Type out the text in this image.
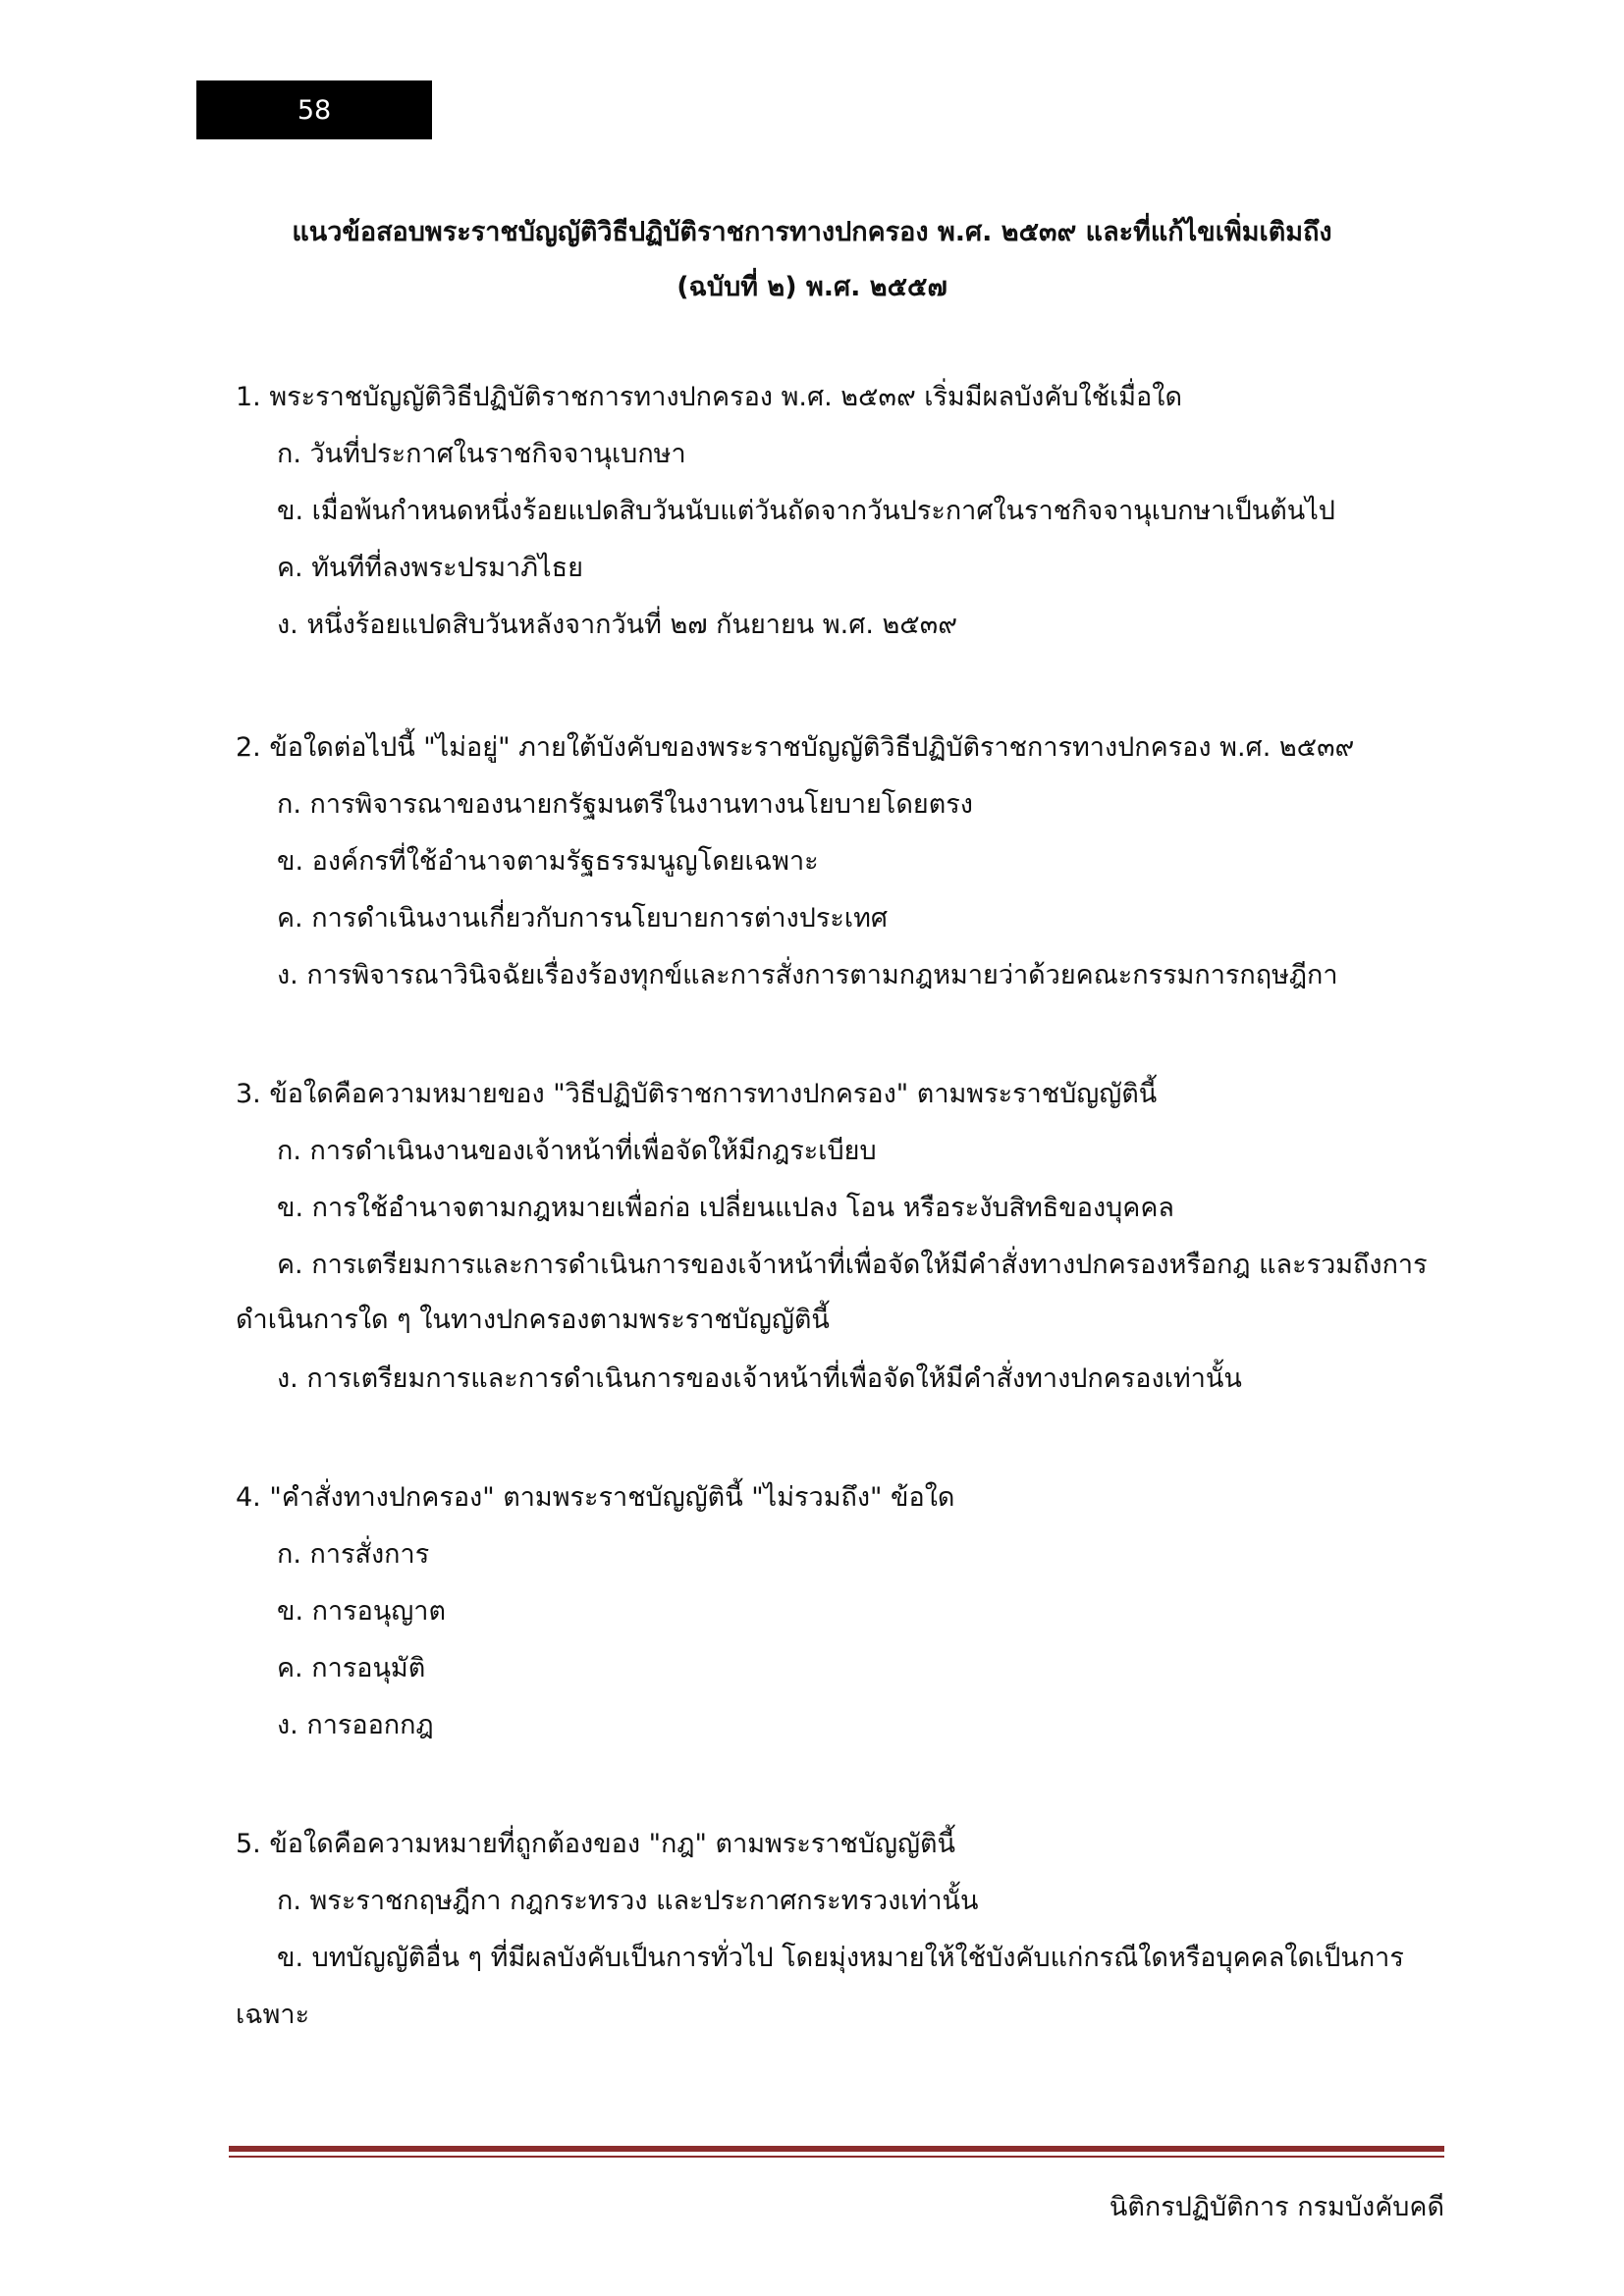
58
แนวข้อสอบพระราชบัญญัติวิธีปฏิบัติราชการทางปกครอง พ.ศ. ๒๕๓๙ และที่แก้ไขเพิ่มเติมถึง
(ฉบับที่ ๒) พ.ศ. ๒๕๕๗
1. พระราชบัญญัติวิธีปฏิบัติราชการทางปกครอง พ.ศ. ๒๕๓๙ เริ่มมีผลบังคับใช้เมื่อใด
ก. วันที่ประกาศในราชกิจจานุเบกษา
ข. เมื่อพ้นกำหนดหนึ่งร้อยแปดสิบวันนับแต่วันถัดจากวันประกาศในราชกิจจานุเบกษาเป็นต้นไป
ค. ทันทีที่ลงพระปรมาภิไธย
ง. หนึ่งร้อยแปดสิบวันหลังจากวันที่ ๒๗ กันยายน พ.ศ. ๒๕๓๙
2. ข้อใดต่อไปนี้ "ไม่อยู่" ภายใต้บังคับของพระราชบัญญัติวิธีปฏิบัติราชการทางปกครอง พ.ศ. ๒๕๓๙
ก. การพิจารณาของนายกรัฐมนตรีในงานทางนโยบายโดยตรง
ข. องค์กรที่ใช้อำนาจตามรัฐธรรมนูญโดยเฉพาะ
ค. การดำเนินงานเกี่ยวกับการนโยบายการต่างประเทศ
ง. การพิจารณาวินิจฉัยเรื่องร้องทุกข์และการสั่งการตามกฎหมายว่าด้วยคณะกรรมการกฤษฎีกา
3. ข้อใดคือความหมายของ "วิธีปฏิบัติราชการทางปกครอง" ตามพระราชบัญญัตินี้
ก. การดำเนินงานของเจ้าหน้าที่เพื่อจัดให้มีกฎระเบียบ
ข. การใช้อำนาจตามกฎหมายเพื่อก่อ เปลี่ยนแปลง โอน หรือระงับสิทธิของบุคคล
ค. การเตรียมการและการดำเนินการของเจ้าหน้าที่เพื่อจัดให้มีคำสั่งทางปกครองหรือกฎ และรวมถึงการ
ดำเนินการใด ๆ ในทางปกครองตามพระราชบัญญัตินี้
ง. การเตรียมการและการดำเนินการของเจ้าหน้าที่เพื่อจัดให้มีคำสั่งทางปกครองเท่านั้น
4. "คำสั่งทางปกครอง" ตามพระราชบัญญัตินี้ "ไม่รวมถึง" ข้อใด
ก. การสั่งการ
ข. การอนุญาต
ค. การอนุมัติ
ง. การออกกฎ
5. ข้อใดคือความหมายที่ถูกต้องของ "กฎ" ตามพระราชบัญญัตินี้
ก. พระราชกฤษฎีกา กฎกระทรวง และประกาศกระทรวงเท่านั้น
ข. บทบัญญัติอื่น ๆ ที่มีผลบังคับเป็นการทั่วไป โดยมุ่งหมายให้ใช้บังคับแก่กรณีใดหรือบุคคลใดเป็นการ
เฉพาะ
นิติกรปฏิบัติการ กรมบังคับคดี
